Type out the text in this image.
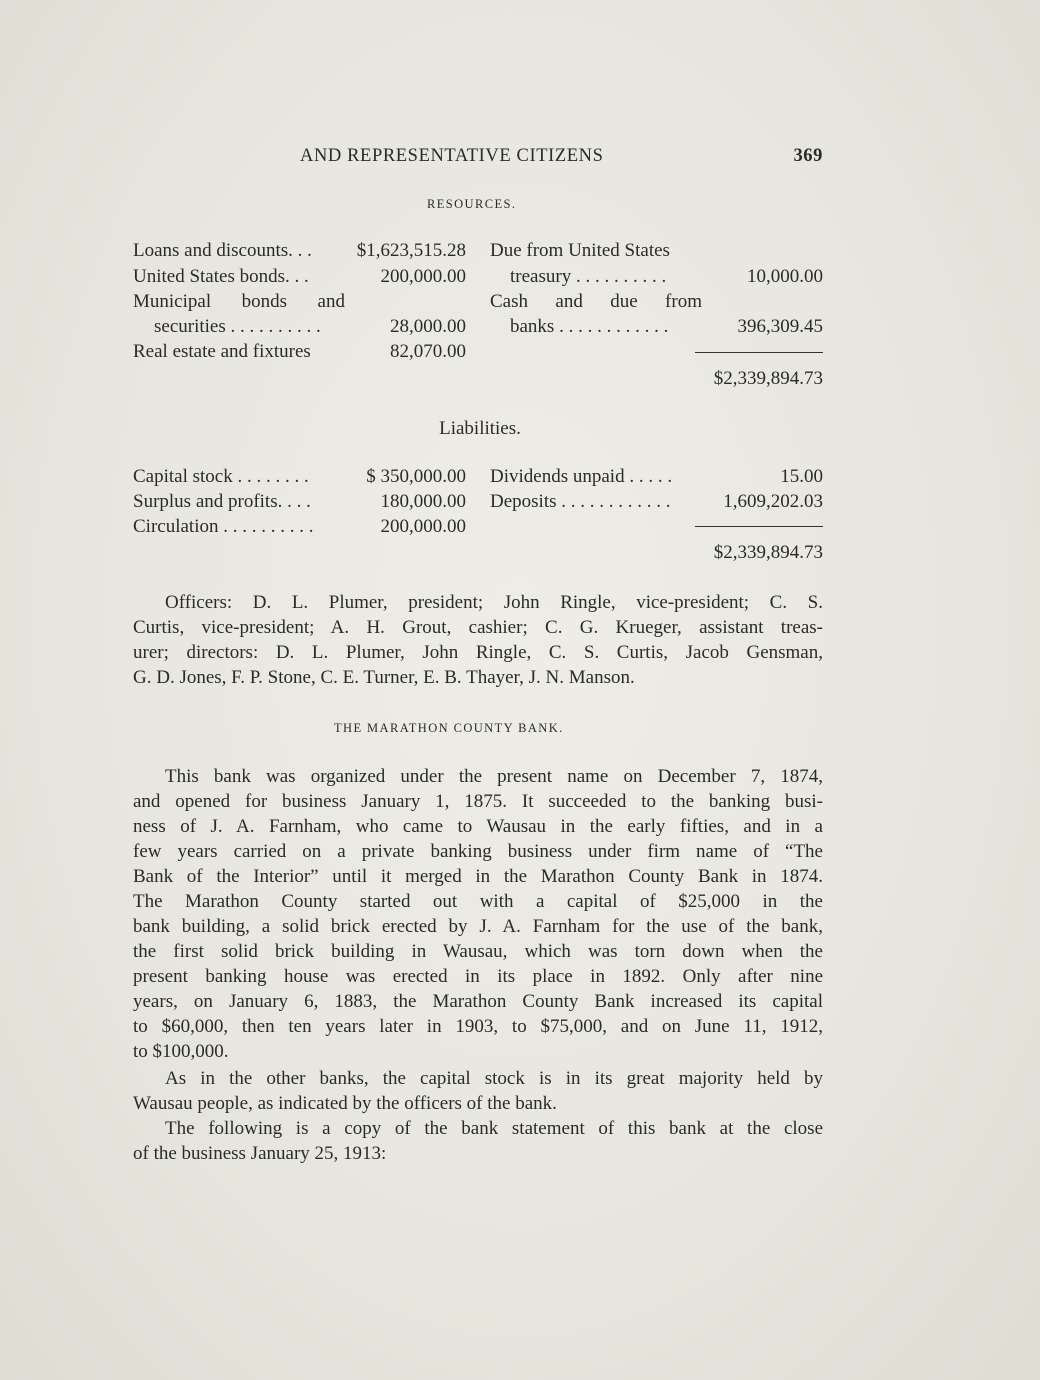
AND REPRESENTATIVE CITIZENS	369
RESOURCES.
Loans and discounts. . . $1,623,515.28
United States bonds. . .	200,000.00
Municipal bonds and
securities . . . . . . . . . .	28,000.00
Real estate and fixtures	82,070.00
Due from United States
treasury . . . . . . . . . .	10,000.00
Cash and due from
banks . . . . . . . . . . . .	396,309.45
$2,339,894.73
Liabilities.
Capital stock . . . . . . . .	$ 350,000.00
Surplus and profits. . . .	180,000.00
Circulation . . . . . . . . . .	200,000.00
Dividends unpaid . . . . .	15.00
Deposits . . . . . . . . . . . .	1,609,202.03
$2,339,894.73
Officers: D. L. Plumer, president; John Ringle, vice-president; C. S.
Curtis, vice-president; A. H. Grout, cashier; C. G. Krueger, assistant treas-
urer; directors: D. L. Plumer, John Ringle, C. S. Curtis, Jacob Gensman,
G. D. Jones, F. P. Stone, C. E. Turner, E. B. Thayer, J. N. Manson.
THE MARATHON COUNTY BANK.
This bank was organized under the present name on December 7, 1874,
and opened for business January 1, 1875. It succeeded to the banking busi-
ness of J. A. Farnham, who came to Wausau in the early fifties, and in a
few years carried on a private banking business under firm name of “The
Bank of the Interior” until it merged in the Marathon County Bank in 1874.
The Marathon County started out with a capital of $25,000 in the
bank building, a solid brick erected by J. A. Farnham for the use of the bank,
the first solid brick building in Wausau, which was torn down when the
present banking house was erected in its place in 1892. Only after nine
years, on January 6, 1883, the Marathon County Bank increased its capital
to $60,000, then ten years later in 1903, to $75,000, and on June 11, 1912,
to $100,000.
As in the other banks, the capital stock is in its great majority held by
Wausau people, as indicated by the officers of the bank.
The following is a copy of the bank statement of this bank at the close
of the business January 25, 1913:
